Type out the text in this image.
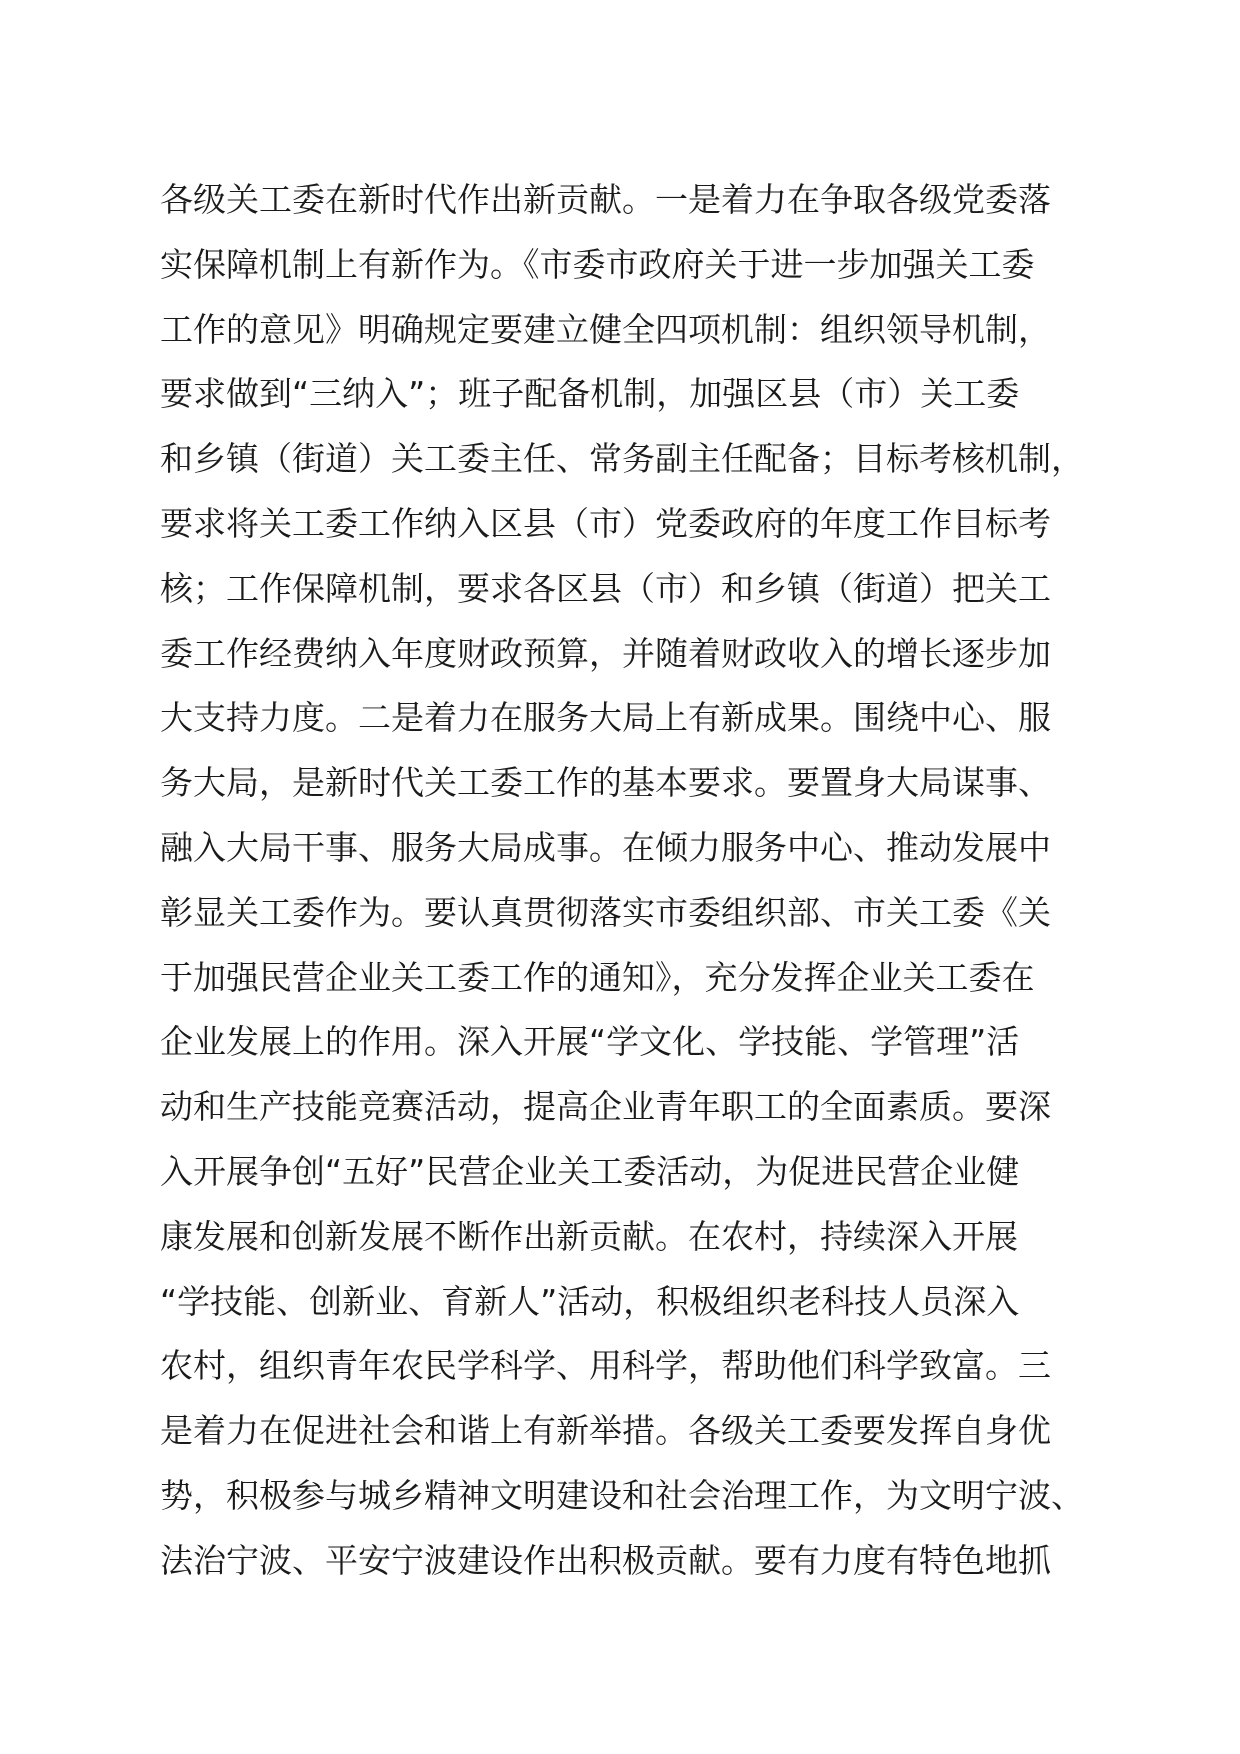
各级关工委在新时代作出新贡献。一是着力在争取各级党委落
实保障机制上有新作为。《市委市政府关于进一步加强关工委
工作的意见》明确规定要建立健全四项机制：组织领导机制，
要求做到“三纳入”；班子配备机制，加强区县（市）关工委
和乡镇（街道）关工委主任、常务副主任配备；目标考核机制，
要求将关工委工作纳入区县（市）党委政府的年度工作目标考
核；工作保障机制，要求各区县（市）和乡镇（街道）把关工
委工作经费纳入年度财政预算，并随着财政收入的增长逐步加
大支持力度。二是着力在服务大局上有新成果。围绕中心、服
务大局，是新时代关工委工作的基本要求。要置身大局谋事、
融入大局干事、服务大局成事。在倾力服务中心、推动发展中
彰显关工委作为。要认真贯彻落实市委组织部、市关工委《关
于加强民营企业关工委工作的通知》，充分发挥企业关工委在
企业发展上的作用。深入开展“学文化、学技能、学管理”活
动和生产技能竞赛活动，提高企业青年职工的全面素质。要深
入开展争创“五好”民营企业关工委活动，为促进民营企业健
康发展和创新发展不断作出新贡献。在农村，持续深入开展
“学技能、创新业、育新人”活动，积极组织老科技人员深入
农村，组织青年农民学科学、用科学，帮助他们科学致富。三
是着力在促进社会和谐上有新举措。各级关工委要发挥自身优
势，积极参与城乡精神文明建设和社会治理工作，为文明宁波、
法治宁波、平安宁波建设作出积极贡献。要有力度有特色地抓
